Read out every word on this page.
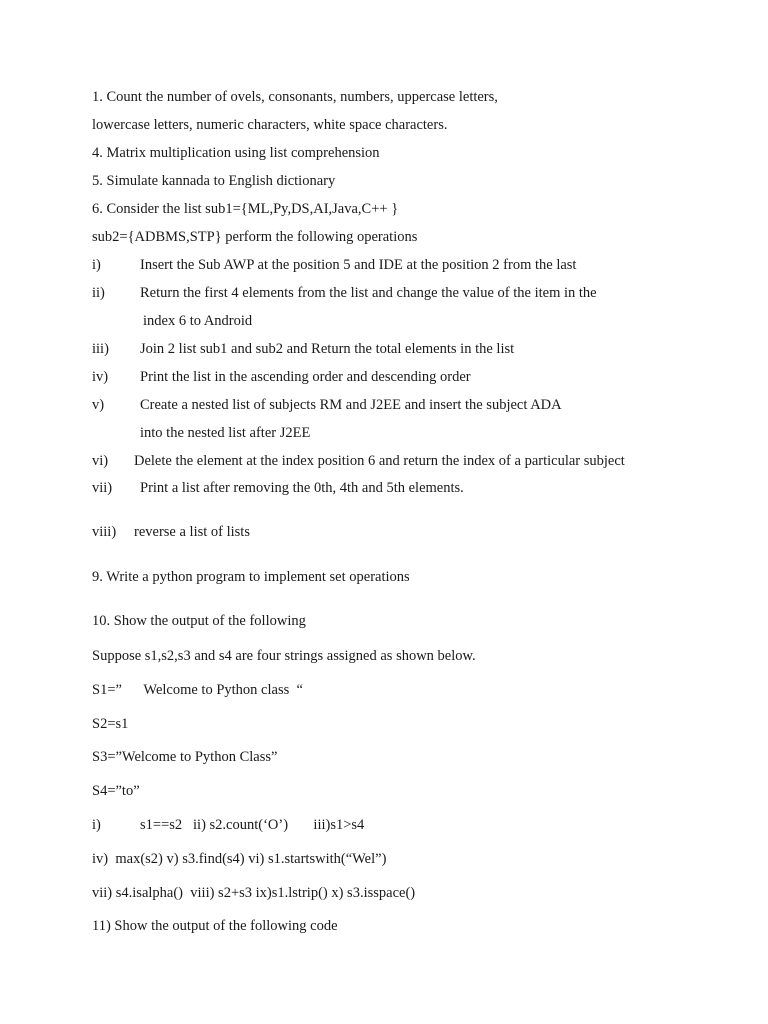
1. Count the number of ovels, consonants, numbers, uppercase letters,
lowercase letters, numeric characters, white space characters.
4. Matrix multiplication using list comprehension
5. Simulate kannada to English dictionary
6. Consider the list sub1={ML,Py,DS,AI,Java,C++ }
sub2={ADBMS,STP} perform the following operations
i)	Insert the Sub AWP at the position 5 and IDE at the position 2 from the last
ii) Return the first 4 elements from the list and change the value of the item in the
index 6 to Android
iii) Join 2 list sub1 and sub2 and Return the total elements in the list
iv) Print the list in the ascending order and descending order
v) Create a nested list of subjects RM and J2EE and insert the subject ADA
into the nested list after J2EE
vi) Delete the element at the index position 6 and return the index of a particular subject
vii) Print a list after removing the 0th, 4th and 5th elements.
viii) reverse a list of lists
9. Write a python program to implement set operations
10. Show the output of the following
Suppose s1,s2,s3 and s4 are four strings assigned as shown below.
S1=”      Welcome to Python class  “
S2=s1
S3=”Welcome to Python Class”
S4=”to”
i)	s1==s2   ii) s2.count(‘O’)       iii)s1>s4
iv)  max(s2) v) s3.find(s4) vi) s1.startswith(“Wel”)
vii) s4.isalpha()  viii) s2+s3 ix)s1.lstrip() x) s3.isspace()
11) Show the output of the following code
